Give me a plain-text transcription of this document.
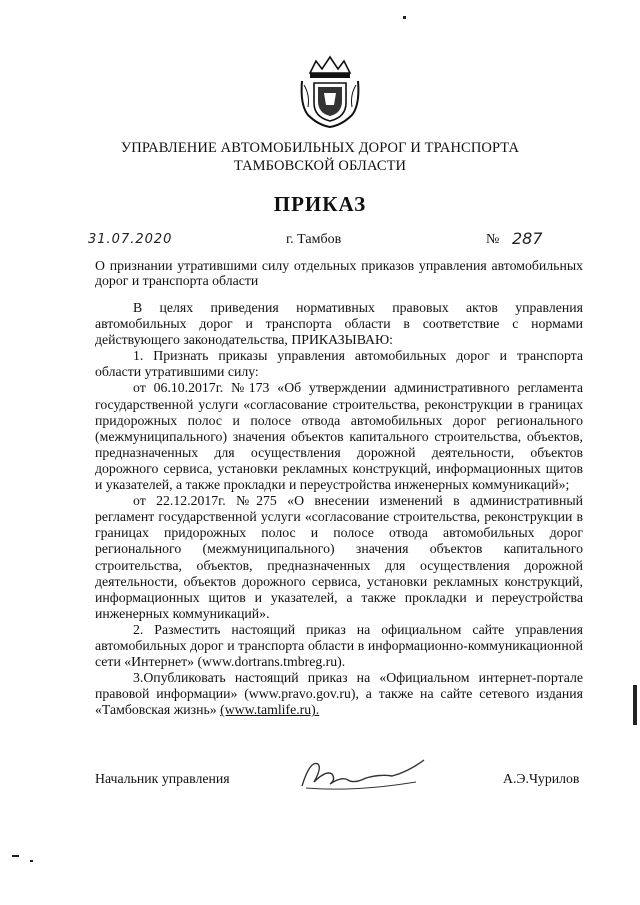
УПРАВЛЕНИЕ АВТОМОБИЛЬНЫХ ДОРОГ И ТРАНСПОРТА
ТАМБОВСКОЙ ОБЛАСТИ
ПРИКАЗ
31.07.2020	г. Тамбов	№ 287
О признании утратившими силу отдельных приказов управления автомобильных дорог и транспорта области

В целях приведения нормативных правовых актов управления автомобильных дорог и транспорта области в соответствие с нормами действующего законодательства, ПРИКАЗЫВАЮ:

1. Признать приказы управления автомобильных дорог и транспорта области утратившими силу:

от 06.10.2017г. №173 «Об утверждении административного регламента государственной услуги «согласование строительства, реконструкции в границах придорожных полос и полосе отвода автомобильных дорог регионального (межмуниципального) значения объектов капитального строительства, объектов, предназначенных для осуществления дорожной деятельности, объектов дорожного сервиса, установки рекламных конструкций, информационных щитов и указателей, а также прокладки и переустройства инженерных коммуникаций»;

от 22.12.2017г. №275 «О внесении изменений в административный регламент государственной услуги «согласование строительства, реконструкции в границах придорожных полос и полосе отвода автомобильных дорог регионального (межмуниципального) значения объектов капитального строительства, объектов, предназначенных для осуществления дорожной деятельности, объектов дорожного сервиса, установки рекламных конструкций, информационных щитов и указателей, а также прокладки и переустройства инженерных коммуникаций».

2. Разместить настоящий приказ на официальном сайте управления автомобильных дорог и транспорта области в информационно-коммуникационной сети «Интернет» (www.dortrans.tmbreg.ru).

3.Опубликовать настоящий приказ на «Официальном интернет-портале правовой информации» (www.pravo.gov.ru), а также на сайте сетевого издания «Тамбовская жизнь» (www.tamlife.ru).

Начальник управления	А.Э.Чурилов
